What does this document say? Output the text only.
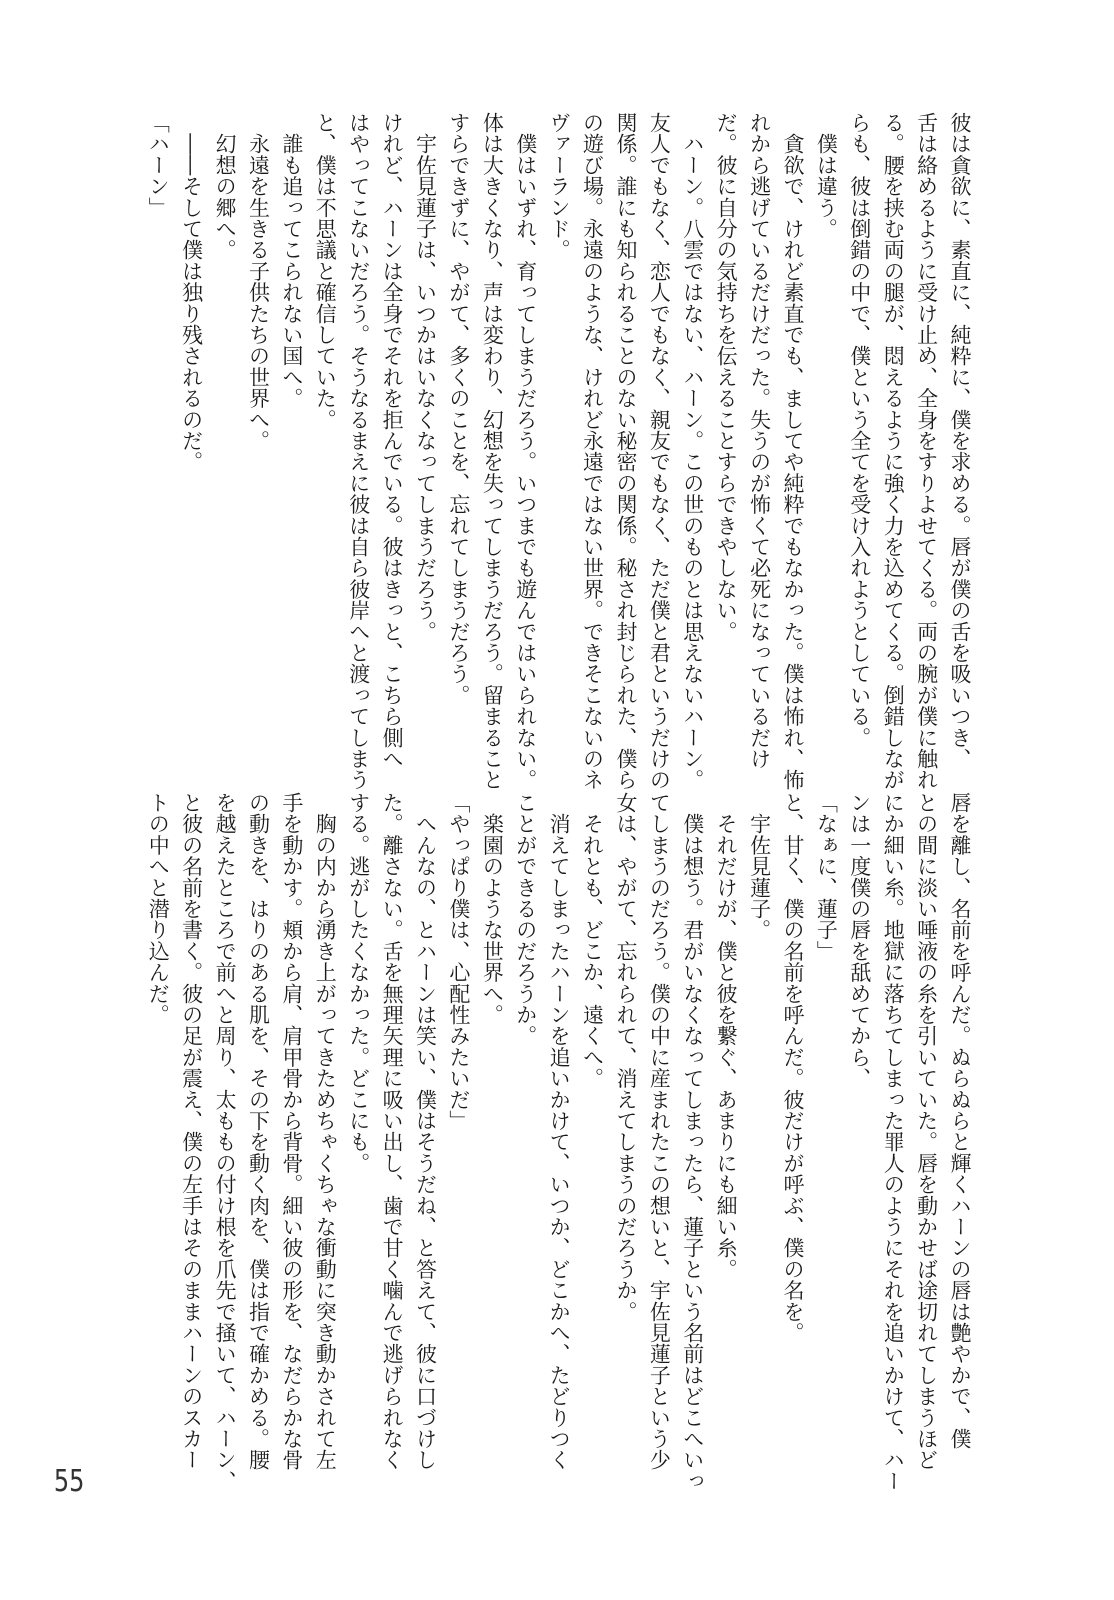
彼は貪欲に、素直に、純粋に、僕を求める。唇が僕の舌を吸いつき、
舌は絡めるように受け止め、全身をすりよせてくる。両の腕が僕に触れ
る。腰を挟む両の腿が、悶えるように強く力を込めてくる。倒錯しなが
らも、彼は倒錯の中で、僕という全てを受け入れようとしている。
　僕は違う。
　貪欲で、けれど素直でも、ましてや純粋でもなかった。僕は怖れ、怖
れから逃げているだけだった。失うのが怖くて必死になっているだけ
だ。彼に自分の気持ちを伝えることすらできやしない。
　ハーン。八雲ではない、ハーン。この世のものとは思えないハーン。
友人でもなく、恋人でもなく、親友でもなく、ただ僕と君というだけの
関係。誰にも知られることのない秘密の関係。秘され封じられた、僕ら
の遊び場。永遠のような、けれど永遠ではない世界。できそこないのネ
ヴァーランド。
　僕はいずれ、育ってしまうだろう。いつまでも遊んではいられない。
体は大きくなり、声は変わり、幻想を失ってしまうだろう。留まること
すらできずに、やがて、多くのことを、忘れてしまうだろう。
　宇佐見蓮子は、いつかはいなくなってしまうだろう。
けれど、ハーンは全身でそれを拒んでいる。彼はきっと、こちら側へ
はやってこないだろう。そうなるまえに彼は自ら彼岸へと渡ってしまう
と、僕は不思議と確信していた。
　誰も追ってこられない国へ。
　永遠を生きる子供たちの世界へ。
　幻想の郷へ。
　――そして僕は独り残されるのだ。
「ハーン」
唇を離し、名前を呼んだ。ぬらぬらと輝くハーンの唇は艶やかで、僕
との間に淡い唾液の糸を引いていた。唇を動かせば途切れてしまうほど
にか細い糸。地獄に落ちてしまった罪人のようにそれを追いかけて、ハー
ンは一度僕の唇を舐めてから、
「なぁに、蓮子」
と、甘く、僕の名前を呼んだ。彼だけが呼ぶ、僕の名を。
　宇佐見蓮子。
　それだけが、僕と彼を繋ぐ、あまりにも細い糸。
　僕は想う。君がいなくなってしまったら、蓮子という名前はどこへいっ
てしまうのだろう。僕の中に産まれたこの想いと、宇佐見蓮子という少
女は、やがて、忘れられて、消えてしまうのだろうか。
　それとも、どこか、遠くへ。
　消えてしまったハーンを追いかけて、いつか、どこかへ、たどりつく
ことができるのだろうか。
　楽園のような世界へ。
「やっぱり僕は、心配性みたいだ」
　へんなの、とハーンは笑い、僕はそうだね、と答えて、彼に口づけし
た。離さない。舌を無理矢理に吸い出し、歯で甘く噛んで逃げられなく
する。逃がしたくなかった。どこにも。
　胸の内から湧き上がってきためちゃくちゃな衝動に突き動かされて左
手を動かす。頬から肩、肩甲骨から背骨。細い彼の形を、なだらかな骨
の動きを、はりのある肌を、その下を動く肉を、僕は指で確かめる。腰
を越えたところで前へと周り、太ももの付け根を爪先で掻いて、ハーン、
と彼の名前を書く。彼の足が震え、僕の左手はそのままハーンのスカー
トの中へと潜り込んだ。
55
